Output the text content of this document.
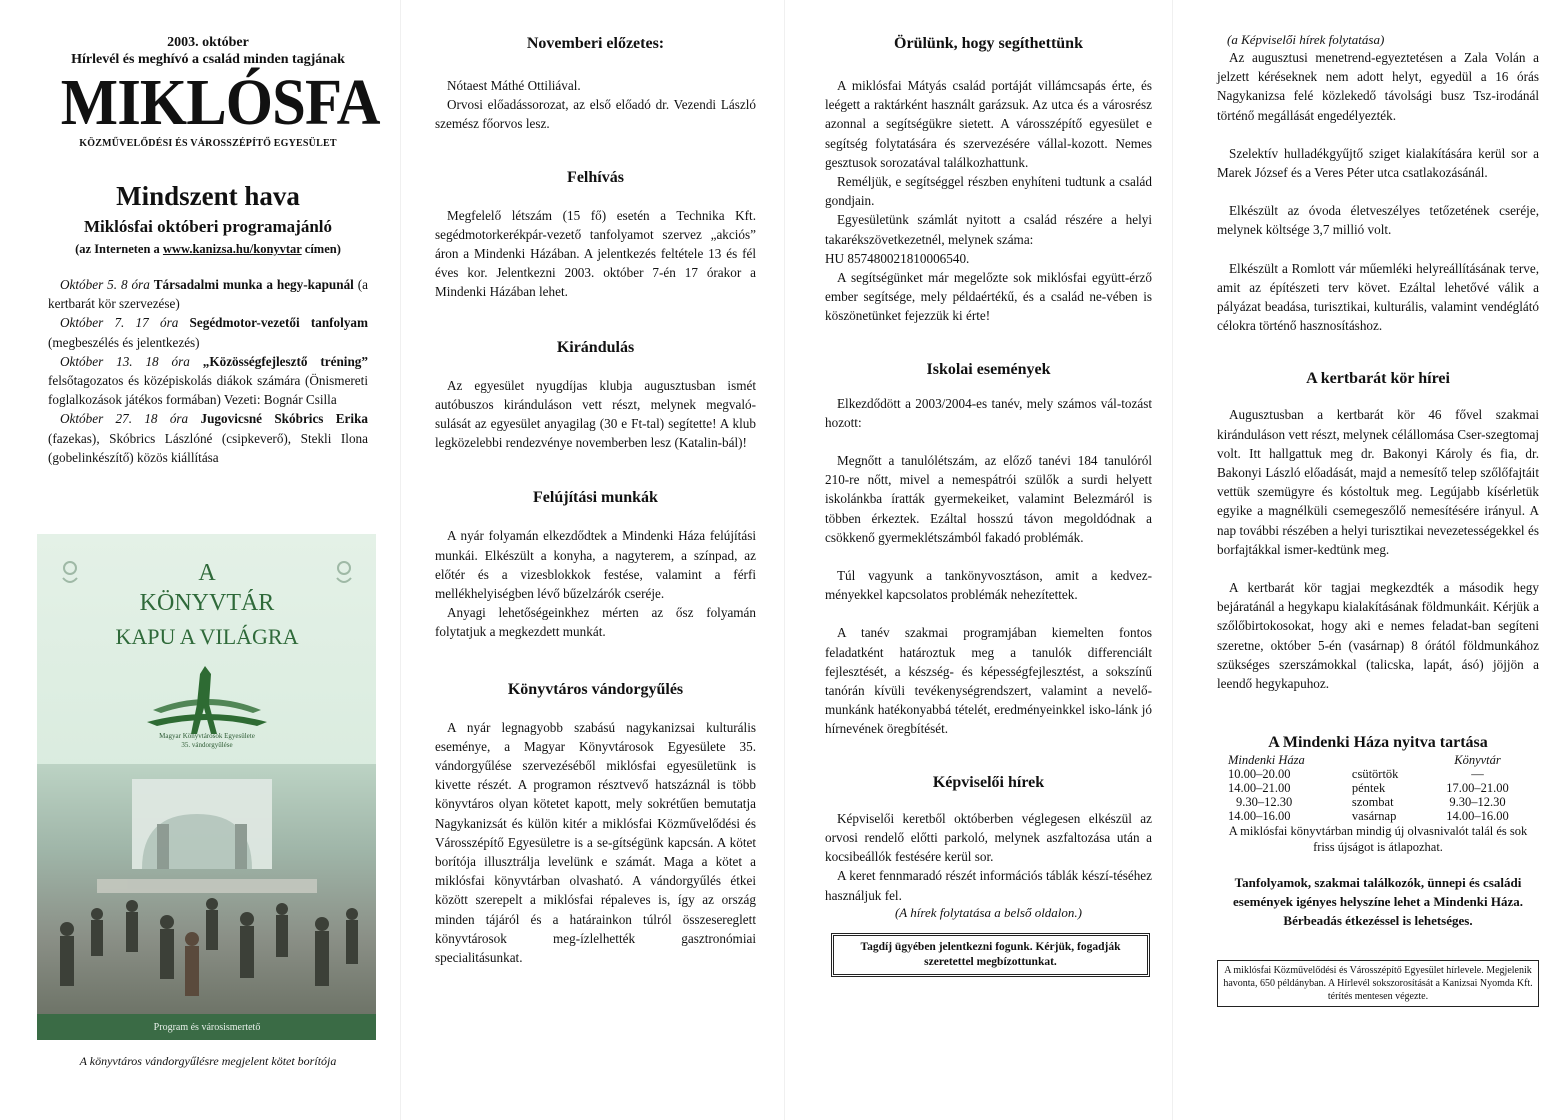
2003. október
Hírlevél és meghívó a család minden tagjának
MIKLÓSFA
KÖZMŰVELŐDÉSI ÉS VÁROSSZÉPÍTŐ EGYESÜLET
Mindszent hava
Miklósfai októberi programajánló
(az Interneten a www.kanizsa.hu/konyvtar címen)

Október 5. 8 óra Társadalmi munka a hegy-kapunál (a kertbarát kör szervezése)

Október 7. 17 óra Segédmotor-vezetői tanfolyam (megbeszélés és jelentkezés)

Október 13. 18 óra „Közösségfejlesztő tréning” felsőtagozatos és középiskolás diákok számára (Önismereti foglalkozások játékos formában) Vezeti: Bognár Csilla

Október 27. 18 óra Jugovicsné Skóbrics Erika (fazekas), Skóbrics Lászlóné (csipkeverő), Stekli Ilona (gobelinkészítő) közös kiállítása

A
KÖNYVTÁR
KAPU A VILÁGRA
Magyar Könyvtárosok Egyesülete
35. vándorgyűlése
Program és városismertető
A könyvtáros vándorgyűlésre megjelent kötet borítója
Novemberi előzetes:

Nótaest Máthé Ottiliával.

Orvosi előadássorozat, az első előadó dr. Vezendi László szemész főorvos lesz.

Felhívás

Megfelelő létszám (15 fő) esetén a Technika Kft. segédmotorkerékpár-vezető tanfolyamot szervez „akciós” áron a Mindenki Házában. A jelentkezés feltétele 13 és fél éves kor. Jelentkezni 2003. október 7-én 17 órakor a Mindenki Házában lehet.

Kirándulás

Az egyesület nyugdíjas klubja augusztusban ismét autóbuszos kiránduláson vett részt, melynek megvaló-sulását az egyesület anyagilag (30 e Ft-tal) segítette! A klub legközelebbi rendezvénye novemberben lesz (Katalin-bál)!

Felújítási munkák

A nyár folyamán elkezdődtek a Mindenki Háza felújítási munkái. Elkészült a konyha, a nagyterem, a színpad, az előtér és a vizesblokkok festése, valamint a férfi mellékhelyiségben lévő bűzelzárók cseréje.

Anyagi lehetőségeinkhez mérten az ősz folyamán folytatjuk a megkezdett munkát.

Könyvtáros vándorgyűlés

A nyár legnagyobb szabású nagykanizsai kulturális eseménye, a Magyar Könyvtárosok Egyesülete 35. vándorgyűlése szervezéséből miklósfai egyesületünk is kivette részét. A programon résztvevő hatszáznál is több könyvtáros olyan kötetet kapott, mely sokrétűen bemutatja Nagykanizsát és külön kitér a miklósfai Közművelődési és Városszépítő Egyesületre is a se-gítségünk kapcsán. A kötet borítója illusztrálja levelünk e számát. Maga a kötet a miklósfai könyvtárban olvasható. A vándorgyűlés étkei között szerepelt a miklósfai répaleves is, így az ország minden tájáról és a határainkon túlról összesereglett könyvtárosok meg-ízlelhették gasztronómiai specialitásunkat.

Örülünk, hogy segíthettünk

A miklósfai Mátyás család portáját villámcsapás érte, és leégett a raktárként használt garázsuk. Az utca és a városrész azonnal a segítségükre sietett. A városszépítő egyesület e segítség folytatására és szervezésére vállal-kozott. Nemes gesztusok sorozatával találkozhattunk.

Reméljük, e segítséggel részben enyhíteni tudtunk a család gondjain.

Egyesületünk számlát nyitott a család részére a helyi takarékszövetkezetnél, melynek száma:

HU 857480021810006540.

A segítségünket már megelőzte sok miklósfai együtt-érző ember segítsége, mely példaértékű, és a család ne-vében is köszönetünket fejezzük ki érte!

Iskolai események

Elkezdődött a 2003/2004-es tanév, mely számos vál-tozást hozott:

Megnőtt a tanulólétszám, az előző tanévi 184 tanulóról 210-re nőtt, mivel a nemespátrói szülők a surdi helyett iskolánkba íratták gyermekeiket, valamint Belezmáról is többen érkeztek. Ezáltal hosszú távon megoldódnak a csökkenő gyermeklétszámból fakadó problémák.

Túl vagyunk a tankönyvosztáson, amit a kedvez-ményekkel kapcsolatos problémák nehezítettek.

A tanév szakmai programjában kiemelten fontos feladatként határoztuk meg a tanulók differenciált fejlesztését, a készség- és képességfejlesztést, a sokszínű tanórán kívüli tevékenységrendszert, valamint a nevelő-munkánk hatékonyabbá tételét, eredményeinkkel isko-lánk jó hírnevének öregbítését.

Képviselői hírek

Képviselői keretből októberben véglegesen elkészül az orvosi rendelő előtti parkoló, melynek aszfaltozása után a kocsibeállók festésére kerül sor.

A keret fennmaradó részét információs táblák készí-téséhez használjuk fel.

(A hírek folytatása a belső oldalon.)
Tagdíj ügyében jelentkezni fogunk. Kérjük, fogadják szeretettel megbízottunkat.
(a Képviselői hírek folytatása)

Az augusztusi menetrend-egyeztetésen a Zala Volán a jelzett kéréseknek nem adott helyt, egyedül a 16 órás Nagykanizsa felé közlekedő távolsági busz Tsz-irodánál történő megállását engedélyezték.

Szelektív hulladékgyűjtő sziget kialakítására kerül sor a Marek József és a Veres Péter utca csatlakozásánál.

Elkészült az óvoda életveszélyes tetőzetének cseréje, melynek költsége 3,7 millió volt.

Elkészült a Romlott vár műemléki helyreállításának terve, amit az építészeti terv követ. Ezáltal lehetővé válik a pályázat beadása, turisztikai, kulturális, valamint vendéglátó célokra történő hasznosításhoz.

A kertbarát kör hírei

Augusztusban a kertbarát kör 46 fővel szakmai kiránduláson vett részt, melynek célállomása Cser-szegtomaj volt. Itt hallgattuk meg dr. Bakonyi Károly és fia, dr. Bakonyi László előadását, majd a nemesítő telep szőlőfajtáit vettük szemügyre és kóstoltuk meg. Legújabb kísérletük egyike a magnélküli csemegeszőlő nemesítésére irányul. A nap további részében a helyi turisztikai nevezetességekkel és borfajtákkal ismer-kedtünk meg.

A kertbarát kör tagjai megkezdték a második hegy bejáratánál a hegykapu kialakításának földmunkáit. Kérjük a szőlőbirtokosokat, hogy aki e nemes feladat-ban segíteni szeretne, október 5-én (vasárnap) 8 órától földmunkához szükséges szerszámokkal (talicska, lapát, ásó) jöjjön a leendő hegykapuhoz.

A Mindenki Háza nyitva tartása
Mindenki Háza		Könyvtár
10.00–20.00	csütörtök	—
14.00–21.00	péntek	17.00–21.00
9.30–12.30	szombat	9.30–12.30
14.00–16.00	vasárnap	14.00–16.00

A miklósfai könyvtárban mindig új olvasnivalót talál és sok friss újságot is átlapozhat.

Tanfolyamok, szakmai találkozók, ünnepi és családi események igényes helyszíne lehet a Mindenki Háza.

Bérbeadás étkezéssel is lehetséges.

A miklósfai Közművelődési és Városszépítő Egyesület hírlevele. Megjelenik havonta, 650 példányban. A Hírlevél sokszorosítását a Kanizsai Nyomda Kft. térítés mentesen végezte.
